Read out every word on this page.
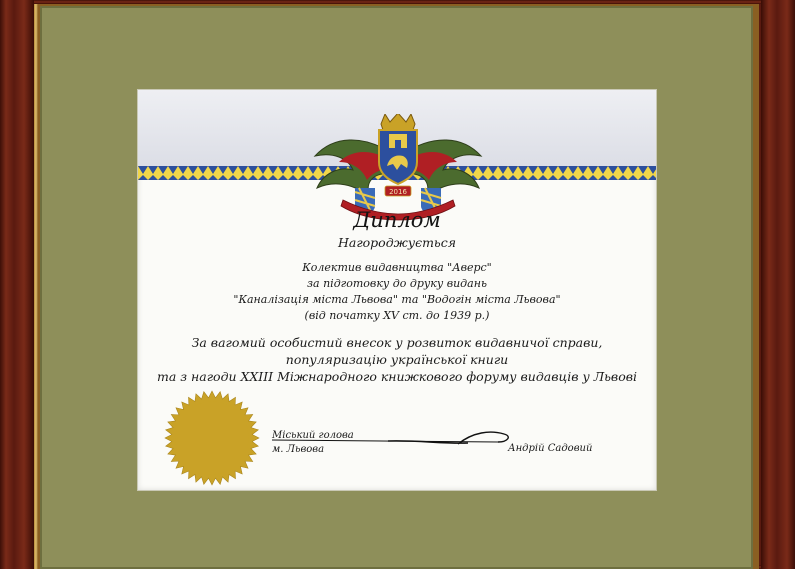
2016
Диплом
Нагороджується
Колектив видавництва "Аверс"
за підготовку до друку видань
"Каналізація міста Львова" та "Водогін міста Львова"
(від початку XV ст. до 1939 р.)
За вагомий особистий внесок у розвиток видавничої справи,
популяризацію української книги
та з нагоди XXIII Міжнародного книжкового форуму видавців у Львові
Міський голова
м. Львова	Андрій Садовий
